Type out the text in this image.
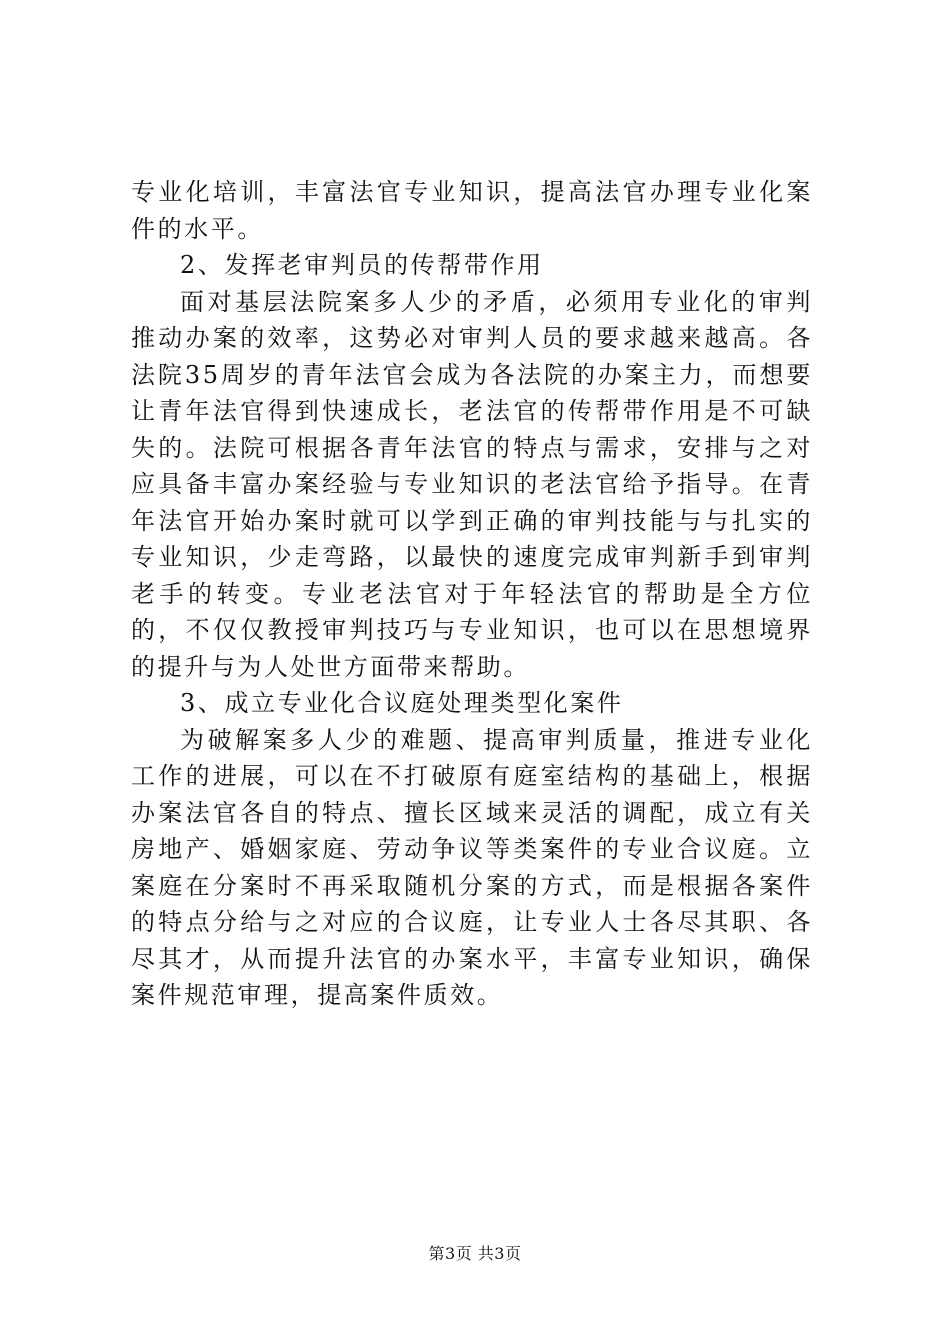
专业化培训，丰富法官专业知识，提高法官办理专业化案件的水平。

2、发挥老审判员的传帮带作用

面对基层法院案多人少的矛盾，必须用专业化的审判推动办案的效率，这势必对审判人员的要求越来越高。各法院35周岁的青年法官会成为各法院的办案主力，而想要让青年法官得到快速成长，老法官的传帮带作用是不可缺失的。法院可根据各青年法官的特点与需求，安排与之对应具备丰富办案经验与专业知识的老法官给予指导。在青年法官开始办案时就可以学到正确的审判技能与与扎实的专业知识，少走弯路，以最快的速度完成审判新手到审判老手的转变。专业老法官对于年轻法官的帮助是全方位的，不仅仅教授审判技巧与专业知识，也可以在思想境界的提升与为人处世方面带来帮助。

3、成立专业化合议庭处理类型化案件

为破解案多人少的难题、提高审判质量，推进专业化工作的进展，可以在不打破原有庭室结构的基础上，根据办案法官各自的特点、擅长区域来灵活的调配，成立有关房地产、婚姻家庭、劳动争议等类案件的专业合议庭。立案庭在分案时不再采取随机分案的方式，而是根据各案件的特点分给与之对应的合议庭，让专业人士各尽其职、各尽其才，从而提升法官的办案水平，丰富专业知识，确保案件规范审理，提高案件质效。

第3页 共3页
